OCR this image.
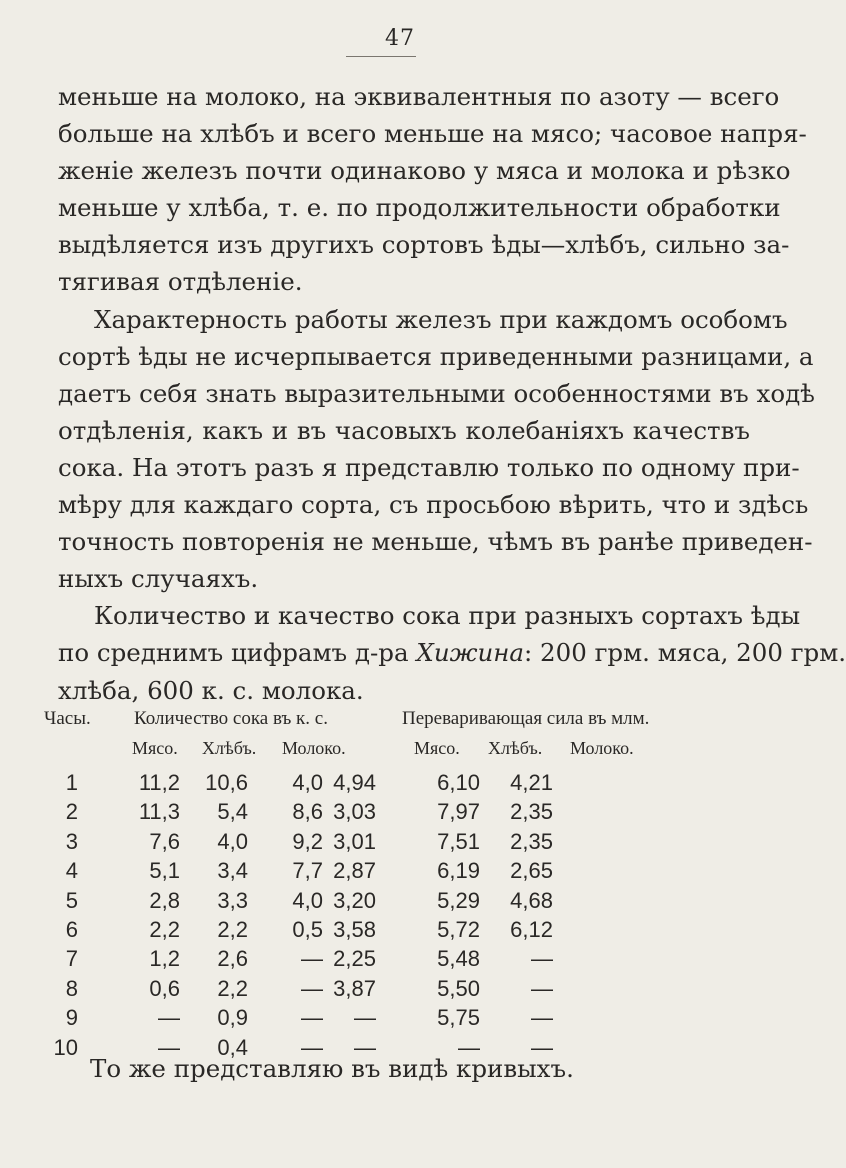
47
меньше на молоко, на эквивалентныя по азоту — всего
больше на хлѣбъ и всего меньше на мясо; часовое напря-
женіе железъ почти одинаково у мяса и молока и рѣзко
меньше у хлѣба, т. е. по продолжительности обработки
выдѣляется изъ другихъ сортовъ ѣды—хлѣбъ, сильно за-
тягивая отдѣленіе.
Характерность работы железъ при каждомъ особомъ
сортѣ ѣды не исчерпывается приведенными разницами, а
даетъ себя знать выразительными особенностями въ ходѣ
отдѣленія, какъ и въ часовыхъ колебаніяхъ качествъ
сока. На этотъ разъ я представлю только по одному при-
мѣру для каждаго сорта, съ просьбою вѣрить, что и здѣсь
точность повторенія не меньше, чѣмъ въ ранѣе приведен-
ныхъ случаяхъ.
Количество и качество сока при разныхъ сортахъ ѣды
по среднимъ цифрамъ д-ра Хижина: 200 грм. мяса, 200 грм.
хлѣба, 600 к. с. молока.
Часы. Количество сока въ к. с.	Переваривающая сила въ млм.
Мясо. Хлѣбъ. Молоко.	Мясо. Хлѣбъ. Молоко.
1	11,2	10,6	4,0 4,94	6,10	4,21
2	11,3	5,4	8,6 3,03	7,97	2,35
3	7,6	4,0	9,2 3,01	7,51	2,35
4	5,1	3,4	7,7 2,87	6,19	2,65
5	2,8	3,3	4,0 3,20	5,29	4,68
6	2,2	2,2	0,5 3,58	5,72	6,12
7	1,2	2,6	— 2,25	5,48	—
8	0,6	2,2	— 3,87	5,50	—
9	—	0,9	—	—	5,75	—
10	—	0,4	—	—	—	—
То же представляю въ видѣ кривыхъ.
